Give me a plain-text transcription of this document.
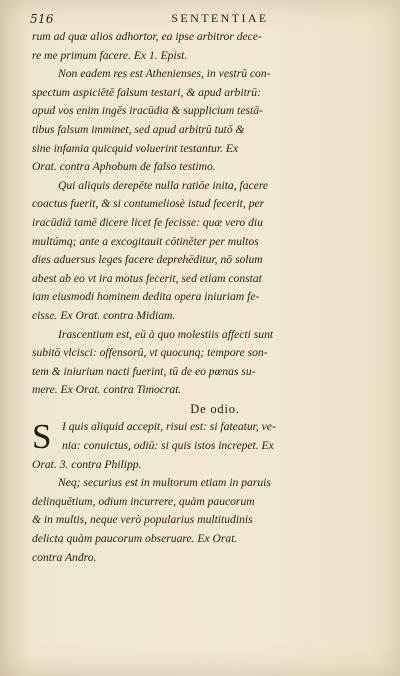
516	SENTENTIAE
rum ad quæ alios adhortor, ea ipse arbitror dece-
re me primum facere. Ex 1. Epist.
Non eadem res est Athenienses, in vestrū con-
spectum aspiciētē falsum testari, & apud arbitrū:
apud vos enim ingēs iracūdia & supplicium testā-
tibus falsum imminet, sed apud arbitrū tutō &
sine infamia quicquid voluerint testantur. Ex
Orat. contra Aphobum de falso testimo.
Qui aliquis derepēte nulla ratiōe inita, facere
coactus fuerit, & si contumeliosè istud fecerit, per
iracūdiā tamē dicere licet fe fecisse: quæ vero diu
multúmq; ante a excogitauit cōtinēter per multos
dies aduersus leges facere deprehēditur, nō solum
abest ab eo vt ira motus fecerit, sed etiam constat
iam eiusmodi hominem dedita opera iniuriam fe-
cisse. Ex Orat. contra Midiam.
Irascentium est, eū à quo molestiis affecti sunt
subitō vlcisci: offensorū, vt quocunq; tempore son-
tem & iniurium nacti fuerint, tū de eo pœnas su-
mere. Ex Orat. contra Timocrat.
De odio.
S I quis aliquid accepit, risui est: si fateatur, ve-
nia: conuictus, odiū: si quis istos increpet. Ex
Orat. 3. contra Philipp.
Neq; securius est in multorum etiam in paruis
delinquētium, odium incurrere, quàm paucorum
& in multis, neque verò popularius multitudinis
delicta quàm paucorum obseruare. Ex Orat.
contra Andro.
